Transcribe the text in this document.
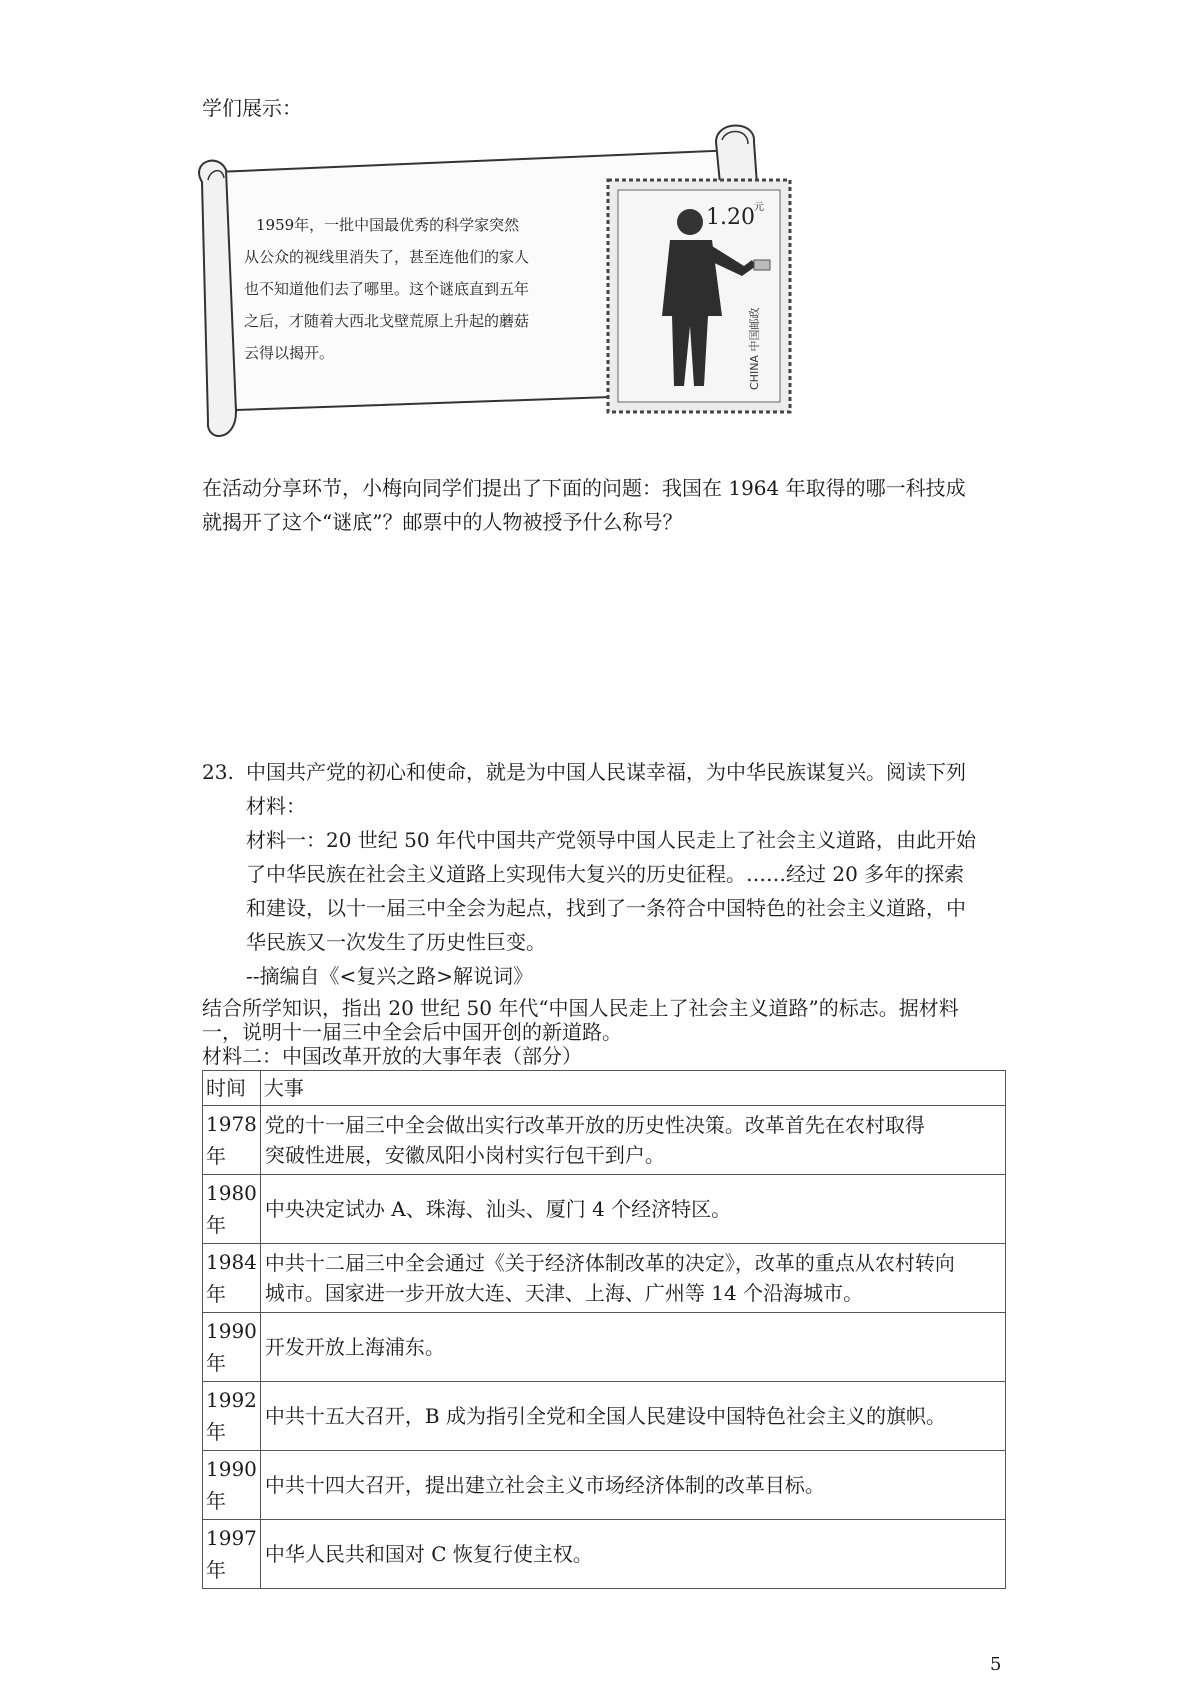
学们展示：
1959年，一批中国最优秀的科学家突然
从公众的视线里消失了，甚至连他们的家人
也不知道他们去了哪里。这个谜底直到五年
之后，才随着大西北戈壁荒原上升起的蘑菇
云得以揭开。
1.20 元
CHINA 中国邮政
在活动分享环节，小梅向同学们提出了下面的问题：我国在 1964 年取得的哪一科技成
就揭开了这个“谜底”？邮票中的人物被授予什么称号？
23. 中国共产党的初心和使命，就是为中国人民谋幸福，为中华民族谋复兴。阅读下列
材料：
材料一：20 世纪 50 年代中国共产党领导中国人民走上了社会主义道路，由此开始
了中华民族在社会主义道路上实现伟大复兴的历史征程。……经过 20 多年的探索
和建设，以十一届三中全会为起点，找到了一条符合中国特色的社会主义道路，中
华民族又一次发生了历史性巨变。
--摘编自《<复兴之路>解说词》
结合所学知识，指出 20 世纪 50 年代“中国人民走上了社会主义道路”的标志。据材料
一，说明十一届三中全会后中国开创的新道路。
材料二：中国改革开放的大事年表（部分）
时间	大事
1978
年	党的十一届三中全会做出实行改革开放的历史性决策。改革首先在农村取得
突破性进展，安徽凤阳小岗村实行包干到户。
1980
年	中央决定试办 A、珠海、汕头、厦门 4 个经济特区。
1984
年	中共十二届三中全会通过《关于经济体制改革的决定》，改革的重点从农村转向
城市。国家进一步开放大连、天津、上海、广州等 14 个沿海城市。
1990
年	开发开放上海浦东。
1992
年	中共十五大召开，B 成为指引全党和全国人民建设中国特色社会主义的旗帜。
1990
年	中共十四大召开，提出建立社会主义市场经济体制的改革目标。
1997
年	中华人民共和国对 C 恢复行使主权。
5
